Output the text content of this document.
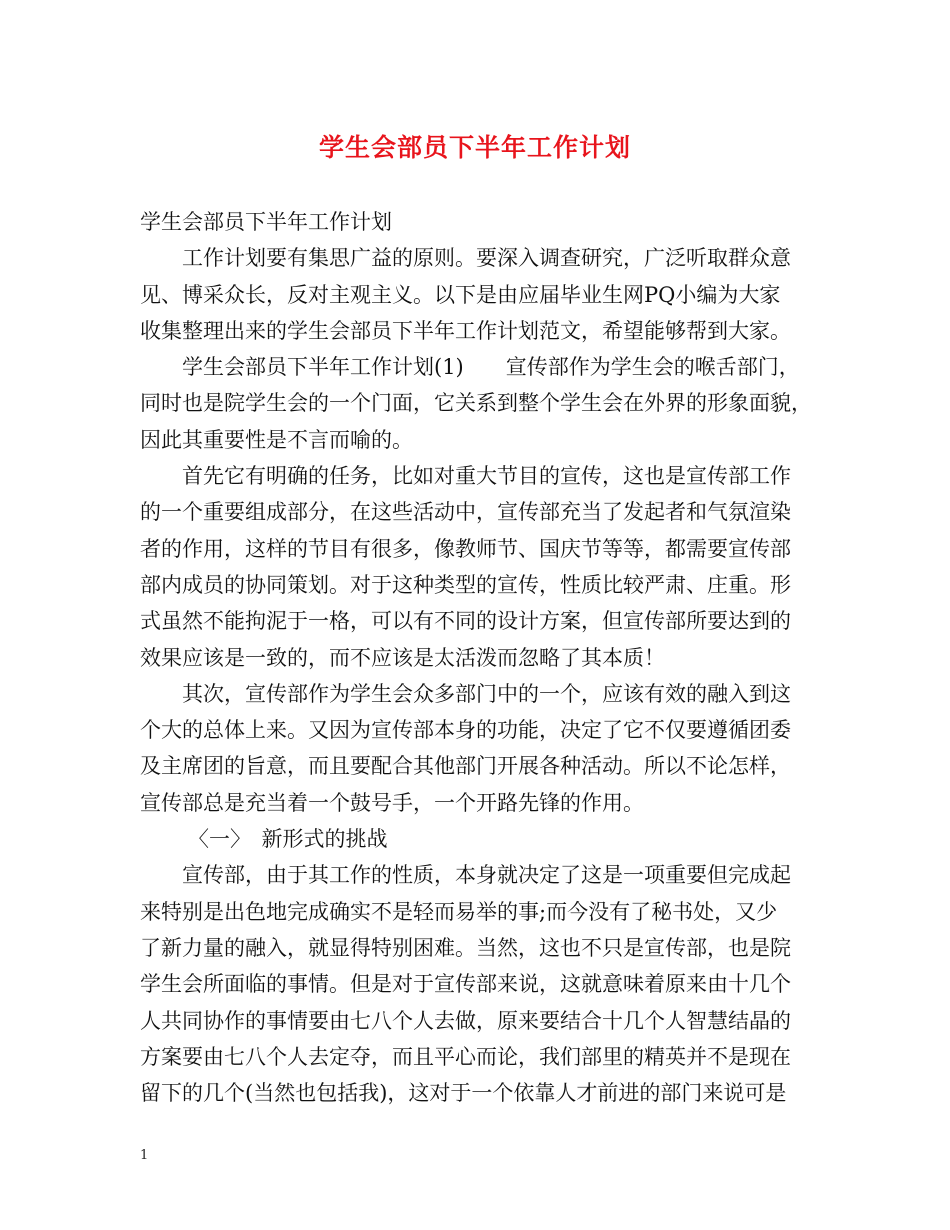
学生会部员下半年工作计划
学生会部员下半年工作计划
工作计划要有集思广益的原则。要深入调查研究，广泛听取群众意
见、博采众长，反对主观主义。以下是由应届毕业生网PQ小编为大家
收集整理出来的学生会部员下半年工作计划范文，希望能够帮到大家。
学生会部员下半年工作计划(1)　　宣传部作为学生会的喉舌部门，
同时也是院学生会的一个门面，它关系到整个学生会在外界的形象面貌，
因此其重要性是不言而喻的。
首先它有明确的任务，比如对重大节目的宣传，这也是宣传部工作
的一个重要组成部分，在这些活动中，宣传部充当了发起者和气氛渲染
者的作用，这样的节目有很多，像教师节、国庆节等等，都需要宣传部
部内成员的协同策划。对于这种类型的宣传，性质比较严肃、庄重。形
式虽然不能拘泥于一格，可以有不同的设计方案，但宣传部所要达到的
效果应该是一致的，而不应该是太活泼而忽略了其本质！
其次，宣传部作为学生会众多部门中的一个，应该有效的融入到这
个大的总体上来。又因为宣传部本身的功能，决定了它不仅要遵循团委
及主席团的旨意，而且要配合其他部门开展各种活动。所以不论怎样，
宣传部总是充当着一个鼓号手，一个开路先锋的作用。
〈一〉　新形式的挑战
宣传部，由于其工作的性质，本身就决定了这是一项重要但完成起
来特别是出色地完成确实不是轻而易举的事;而今没有了秘书处，又少
了新力量的融入，就显得特别困难。当然，这也不只是宣传部，也是院
学生会所面临的事情。但是对于宣传部来说，这就意味着原来由十几个
人共同协作的事情要由七八个人去做，原来要结合十几个人智慧结晶的
方案要由七八个人去定夺，而且平心而论，我们部里的精英并不是现在
留下的几个(当然也包括我)，这对于一个依靠人才前进的部门来说可是
1
